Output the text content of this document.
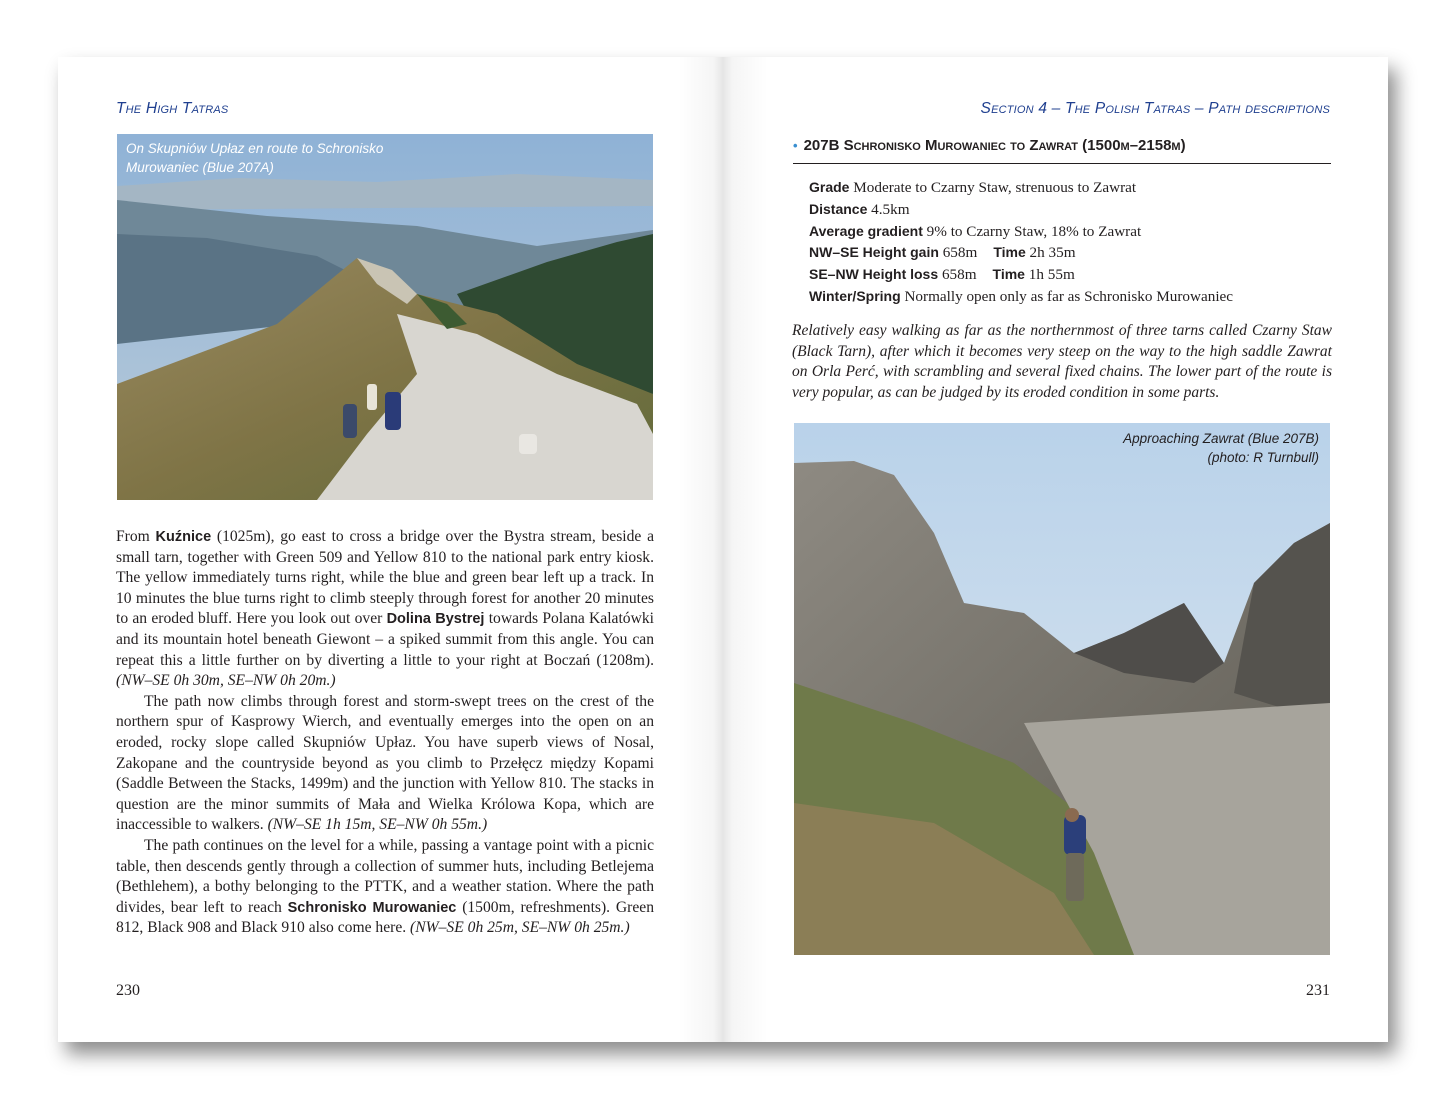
The High Tatras
On Skupniów Upłaz en route to Schronisko
Murowaniec (Blue 207A)

From Kuźnice (1025m), go east to cross a bridge over the Bystra stream, beside a small tarn, together with Green 509 and Yellow 810 to the national park entry kiosk. The yellow immediately turns right, while the blue and green bear left up a track. In 10 minutes the blue turns right to climb steeply through forest for another 20 minutes to an eroded bluff. Here you look out over Dolina Bystrej towards Polana Kalatówki and its mountain hotel beneath Giewont – a spiked summit from this angle. You can repeat this a little further on by diverting a little to your right at Boczań (1208m). (NW–SE 0h 30m, SE–NW 0h 20m.)

The path now climbs through forest and storm-swept trees on the crest of the northern spur of Kasprowy Wierch, and eventually emerges into the open on an eroded, rocky slope called Skupniów Upłaz. You have superb views of Nosal, Zakopane and the countryside beyond as you climb to Przełęcz między Kopami (Saddle Between the Stacks, 1499m) and the junction with Yellow 810. The stacks in question are the minor summits of Mała and Wielka Królowa Kopa, which are inaccessible to walkers. (NW–SE 1h 15m, SE–NW 0h 55m.)

The path continues on the level for a while, passing a vantage point with a picnic table, then descends gently through a collection of summer huts, including Betlejema (Bethlehem), a bothy belonging to the PTTK, and a weather station. Where the path divides, bear left to reach Schronisko Murowaniec (1500m, refreshments). Green 812, Black 908 and Black 910 also come here. (NW–SE 0h 25m, SE–NW 0h 25m.)

230
Section 4 – The Polish Tatras – Path descriptions
• 207B Schronisko Murowaniec to Zawrat (1500m–2158m)
Grade Moderate to Czarny Staw, strenuous to Zawrat
Distance 4.5km
Average gradient 9% to Czarny Staw, 18% to Zawrat
NW–SE Height gain 658m Time 2h 35m
SE–NW Height loss 658m Time 1h 55m
Winter/Spring Normally open only as far as Schronisko Murowaniec
Relatively easy walking as far as the northernmost of three tarns called Czarny Staw (Black Tarn), after which it becomes very steep on the way to the high saddle Zawrat on Orla Perć, with scrambling and several fixed chains. The lower part of the route is very popular, as can be judged by its eroded condition in some parts.
Approaching Zawrat (Blue 207B)
(photo: R Turnbull)
231
